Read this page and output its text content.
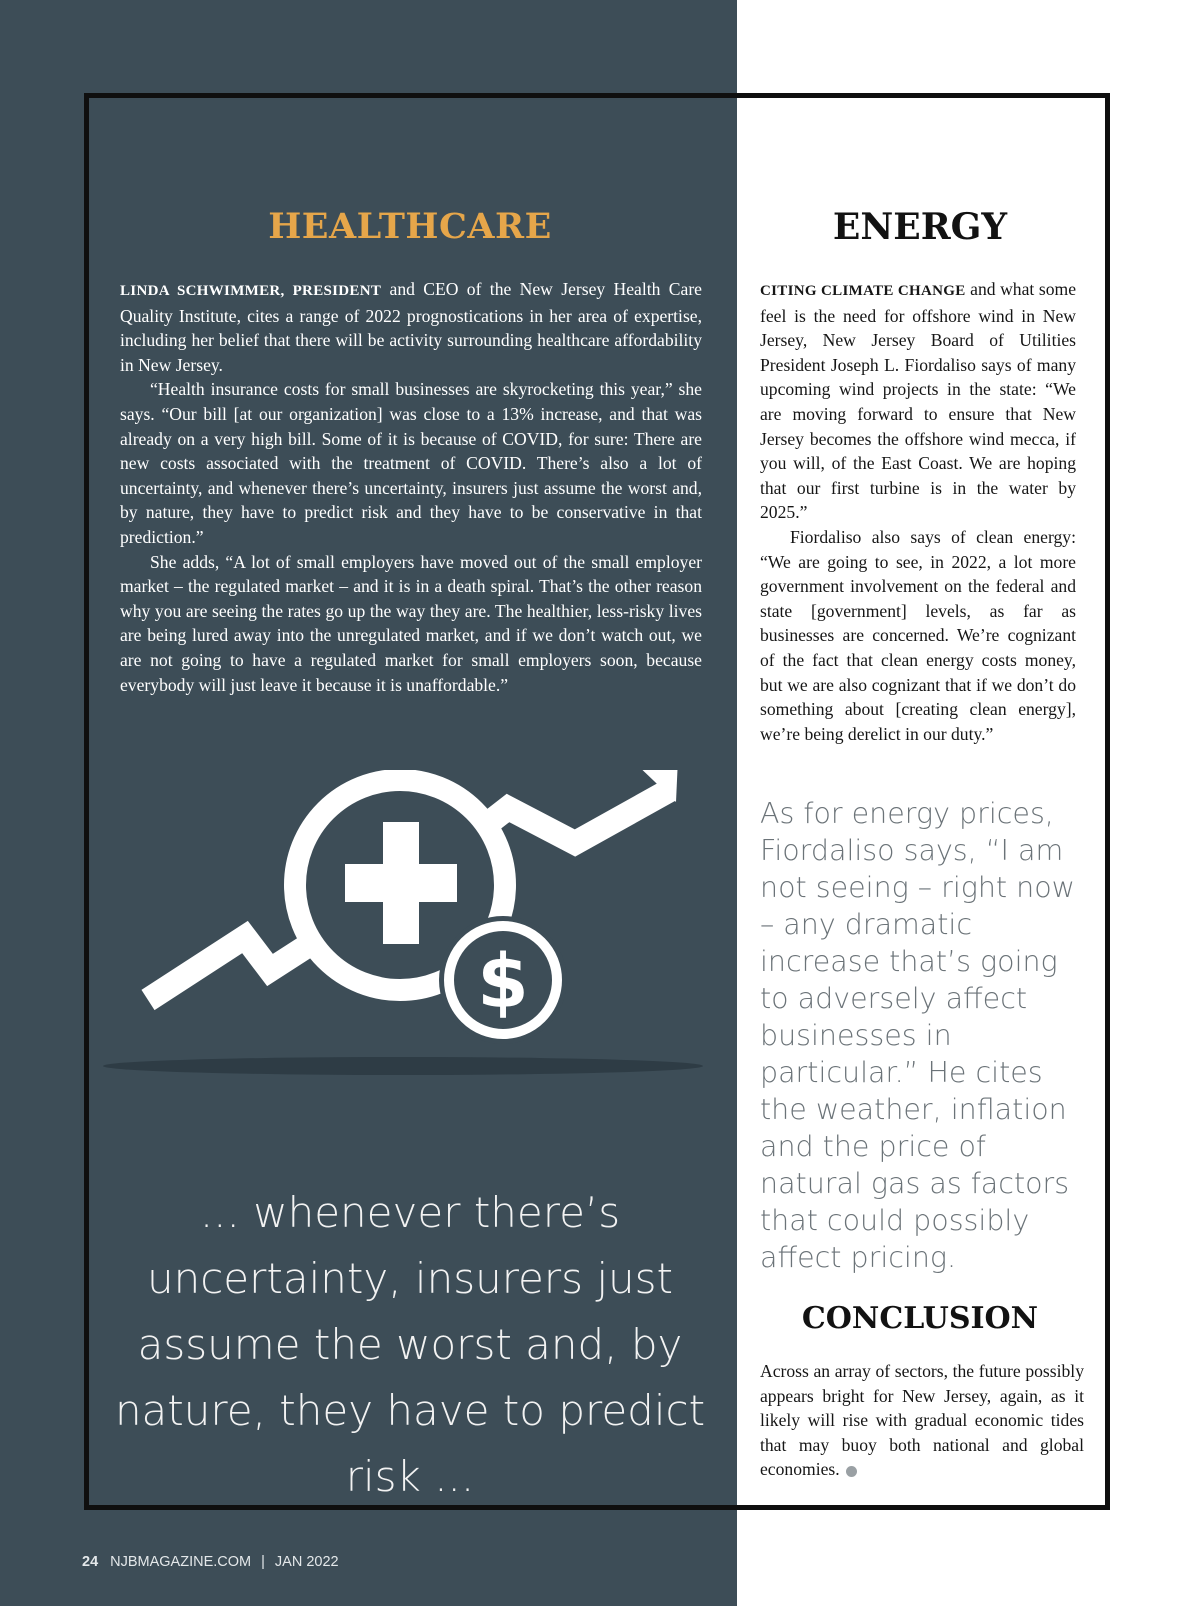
HEALTHCARE

LINDA SCHWIMMER, PRESIDENT and CEO of the New Jersey Health Care Quality Institute, cites a range of 2022 prognostications in her area of expertise, including her belief that there will be activity surrounding healthcare affordability in New Jersey.

“Health insurance costs for small businesses are skyrocketing this year,” she says. “Our bill [at our organization] was close to a 13% increase, and that was already on a very high bill. Some of it is because of COVID, for sure: There are new costs associated with the treatment of COVID. There’s also a lot of uncertainty, and whenever there’s uncertainty, insurers just assume the worst and, by nature, they have to predict risk and they have to be conservative in that prediction.”

She adds, “A lot of small employers have moved out of the small employer market – the regulated market – and it is in a death spiral. That’s the other reason why you are seeing the rates go up the way they are. The healthier, less-risky lives are being lured away into the unregulated market, and if we don’t watch out, we are not going to have a regulated market for small employers soon, because everybody will just leave it because it is unaffordable.”

$
... whenever there’s uncertainty, insurers just assume the worst and, by nature, they have to predict risk ...
ENERGY

CITING CLIMATE CHANGE and what some feel is the need for offshore wind in New Jersey, New Jersey Board of Utilities President Joseph L. Fiordaliso says of many upcoming wind projects in the state: “We are moving forward to ensure that New Jersey becomes the offshore wind mecca, if you will, of the East Coast. We are hoping that our first turbine is in the water by 2025.”

Fiordaliso also says of clean energy: “We are going to see, in 2022, a lot more government involvement on the federal and state [government] levels, as far as businesses are concerned. We’re cognizant of the fact that clean energy costs money, but we are also cognizant that if we don’t do something about [creating clean energy], we’re being derelict in our duty.”

As for energy prices, Fiordaliso says, “I am not seeing – right now – any dramatic increase that’s going to adversely affect businesses in particular.” He cites the weather, inflation and the price of natural gas as factors that could possibly affect pricing.
CONCLUSION

Across an array of sectors, the future possibly appears bright for New Jersey, again, as it likely will rise with gradual economic tides that may buoy both national and global economies.

24 NJBMAGAZINE.COM | JAN 2022
